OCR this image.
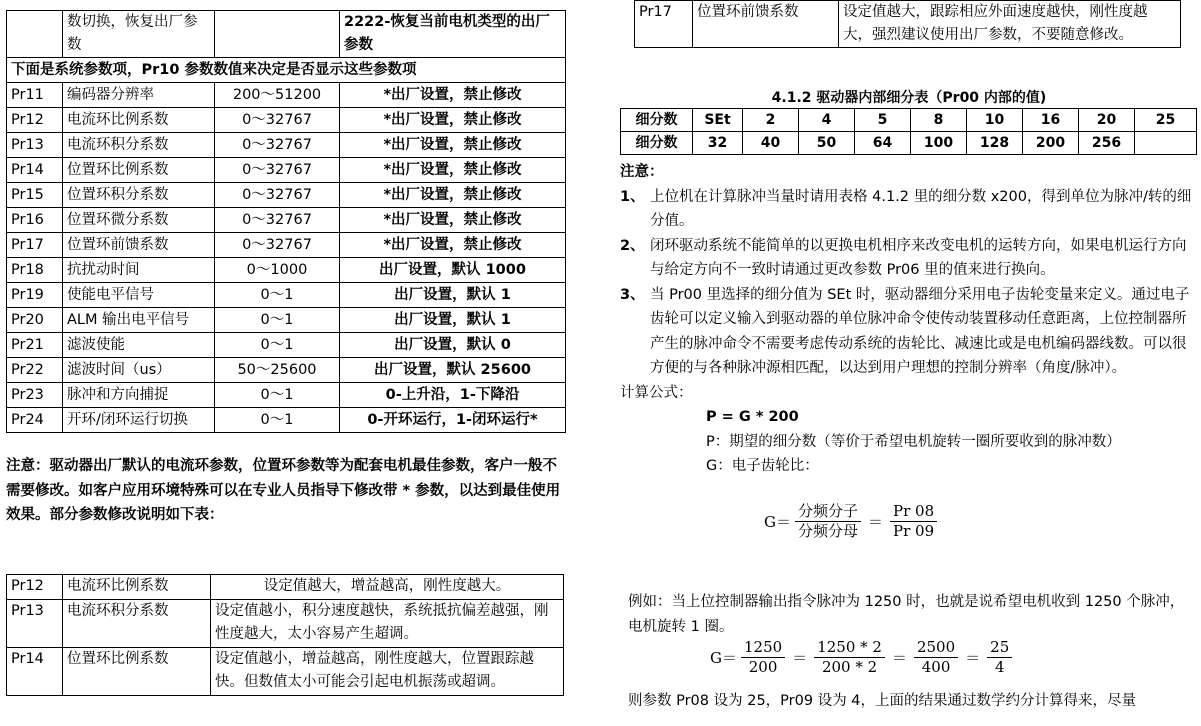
	数切换，恢复出厂参数		2222-恢复当前电机类型的出厂参数
下面是系统参数项，Pr10 参数数值来决定是否显示这些参数项			
Pr11	编码器分辨率	200～51200	*出厂设置，禁止修改
Pr12	电流环比例系数	0～32767	*出厂设置，禁止修改
Pr13	电流环积分系数	0～32767	*出厂设置，禁止修改
Pr14	位置环比例系数	0～32767	*出厂设置，禁止修改
Pr15	位置环积分系数	0～32767	*出厂设置，禁止修改
Pr16	位置环微分系数	0～32767	*出厂设置，禁止修改
Pr17	位置环前馈系数	0～32767	*出厂设置，禁止修改
Pr18	抗扰动时间	0～1000	出厂设置，默认 1000
Pr19	使能电平信号	0～1	出厂设置，默认 1
Pr20	ALM 输出电平信号	0～1	出厂设置，默认 1
Pr21	滤波使能	0～1	出厂设置，默认 0
Pr22	滤波时间（us）	50～25600	出厂设置，默认 25600
Pr23	脉冲和方向捕捉	0～1	0-上升沿，1-下降沿
Pr24	开环/闭环运行切换	0～1	0-开环运行，1-闭环运行*

注意：驱动器出厂默认的电流环参数，位置环参数等为配套电机最佳参数，客户一般不需要修改。如客户应用环境特殊可以在专业人员指导下修改带 * 参数，以达到最佳使用效果。部分参数修改说明如下表：

Pr12	电流环比例系数	设定值越大，增益越高，刚性度越大。
Pr13	电流环积分系数	设定值越小，积分速度越快，系统抵抗偏差越强，刚性度越大，太小容易产生超调。
Pr14	位置环比例系数	设定值越小，增益越高，刚性度越大，位置跟踪越快。但数值太小可能会引起电机振荡或超调。
Pr17	位置环前馈系数	设定值越大，跟踪相应外面速度越快，刚性度越大，强烈建议使用出厂参数，不要随意修改。
4.1.2 驱动器内部细分表（Pr00 内部的值)
细分数	SEt	2	4	5	8	10	16	20	25
细分数	32	40	50	64	100	128	200	256	

注意：

1、 上位机在计算脉冲当量时请用表格 4.1.2 里的细分数 x200，得到单位为脉冲/转的细分值。

2、 闭环驱动系统不能简单的以更换电机相序来改变电机的运转方向，如果电机运行方向与给定方向不一致时请通过更改参数 Pr06 里的值来进行换向。

3、 当 Pr00 里选择的细分值为 SEt 时，驱动器细分采用电子齿轮变量来定义。通过电子齿轮可以定义输入到驱动器的单位脉冲命令使传动装置移动任意距离，上位控制器所产生的脉冲命令不需要考虑传动系统的齿轮比、减速比或是电机编码器线数。可以很方便的与各种脉冲源相匹配，以达到用户理想的控制分辨率（角度/脉冲）。

计算公式：

P = G * 200

P：期望的细分数（等价于希望电机旋转一圈所要收到的脉冲数）

G：电子齿轮比：

$G= \frac{\text{分频分子}}{\text{分频分母}} = \frac{Pr 08}{Pr 09}$

例如：当上位控制器输出指令脉冲为 1250 时，也就是说希望电机收到 1250 个脉冲，电机旋转 1 圈。

$G= \frac{1250}{200} = \frac{1250 * 2}{200 * 2} = \frac{2500}{400} = \frac{25}{4}$

则参数 Pr08 设为 25，Pr09 设为 4，上面的结果通过数学约分计算得来，尽量
